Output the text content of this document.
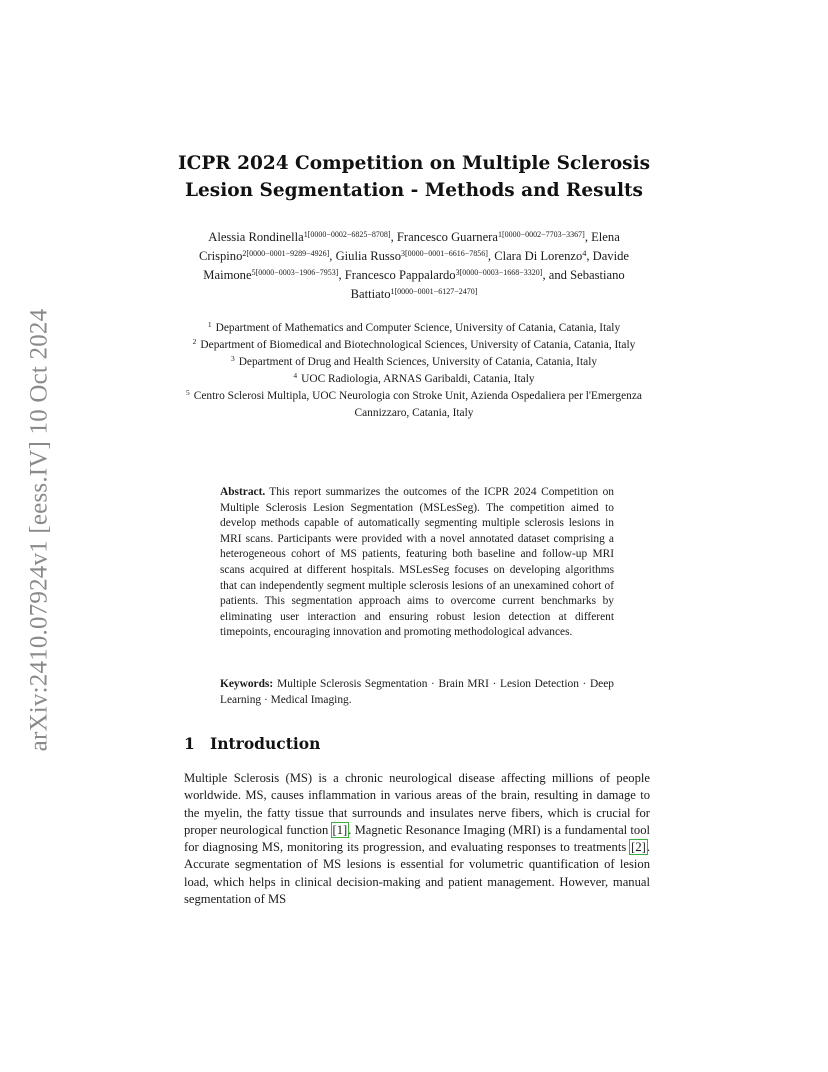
arXiv:2410.07924v1 [eess.IV] 10 Oct 2024
ICPR 2024 Competition on Multiple Sclerosis
Lesion Segmentation - Methods and Results
Alessia Rondinella$^{1[0000-0002-6825-8708]}$, Francesco Guarnera$^{1[0000-0002-7703-3367]}$, Elena Crispino$^{2[0000-0001-9289-4926]}$, Giulia Russo$^{3[0000-0001-6616-7856]}$, Clara Di Lorenzo$^4$, Davide Maimone$^{5[0000-0003-1906-7953]}$, Francesco Pappalardo$^{3[0000-0003-1668-3320]}$, and Sebastiano Battiato$^{1[0000-0001-6127-2470]}$
$^1$ Department of Mathematics and Computer Science, University of Catania, Catania, Italy
$^2$ Department of Biomedical and Biotechnological Sciences, University of Catania, Catania, Italy
$^3$ Department of Drug and Health Sciences, University of Catania, Catania, Italy
$^4$ UOC Radiologia, ARNAS Garibaldi, Catania, Italy
$^5$ Centro Sclerosi Multipla, UOC Neurologia con Stroke Unit, Azienda Ospedaliera per l'Emergenza Cannizzaro, Catania, Italy
Abstract. This report summarizes the outcomes of the ICPR 2024 Competition on Multiple Sclerosis Lesion Segmentation (MSLesSeg). The competition aimed to develop methods capable of automatically segmenting multiple sclerosis lesions in MRI scans. Participants were provided with a novel annotated dataset comprising a heterogeneous cohort of MS patients, featuring both baseline and follow-up MRI scans acquired at different hospitals. MSLesSeg focuses on developing algorithms that can independently segment multiple sclerosis lesions of an unexamined cohort of patients. This segmentation approach aims to overcome current benchmarks by eliminating user interaction and ensuring robust lesion detection at different timepoints, encouraging innovation and promoting methodological advances.
Keywords: Multiple Sclerosis Segmentation · Brain MRI · Lesion Detection · Deep Learning · Medical Imaging.
1 Introduction
Multiple Sclerosis (MS) is a chronic neurological disease affecting millions of people worldwide. MS, causes inflammation in various areas of the brain, resulting in damage to the myelin, the fatty tissue that surrounds and insulates nerve fibers, which is crucial for proper neurological function [1]. Magnetic Resonance Imaging (MRI) is a fundamental tool for diagnosing MS, monitoring its progression, and evaluating responses to treatments [2]. Accurate segmentation of MS lesions is essential for volumetric quantification of lesion load, which helps in clinical decision-making and patient management. However, manual segmentation of MS
